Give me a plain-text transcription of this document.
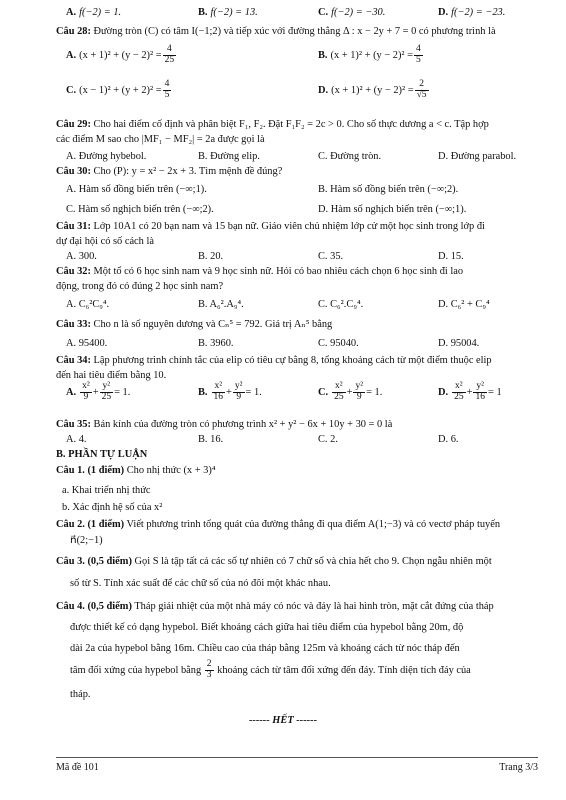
A. f(−2) = 1.	B. f(−2) = 13.	C. f(−2) = −30.	D. f(−2) = −23.
Câu 28: Đường tròn (C) có tâm I(−1;2) và tiếp xúc với đường thẳng Δ : x − 2y + 7 = 0 có phương trình là
A. $(x + 1)^2 + (y - 2)^2 = \frac{4}{25}$	B. $(x + 1)^2 + (y - 2)^2 = \frac{4}{5}$
C. $(x - 1)^2 + (y + 2)^2 = \frac{4}{5}$	D. $(x + 1)^2 + (y - 2)^2 = \frac{2}{√5}$
Câu 29: Cho hai điểm cố định và phân biệt F₁, F₂. Đặt F₁F₂ = 2c > 0. Cho số thực dương a < c. Tập hợp
các điểm M sao cho |MF₁ − MF₂| = 2a được gọi là
A. Đường hybebol.	B. Đường elip.	C. Đường tròn.	D. Đường parabol.
Câu 30: Cho (P): y = x² − 2x + 3. Tìm mệnh đề đúng?
A. Hàm số đồng biến trên (−∞;1).	B. Hàm số đồng biến trên (−∞;2).
C. Hàm số nghịch biến trên (−∞;2).	D. Hàm số nghịch biến trên (−∞;1).
Câu 31: Lớp 10A1 có 20 bạn nam và 15 bạn nữ. Giáo viên chủ nhiệm lớp cử một học sinh trong lớp đi
dự đại hội có số cách là
A. 300.	B. 20.	C. 35.	D. 15.
Câu 32: Một tổ có 6 học sinh nam và 9 học sinh nữ. Hỏi có bao nhiêu cách chọn 6 học sinh đi lao
động, trong đó có đúng 2 học sinh nam?
A. C₆²C₉⁴.	B. A₆².A₉⁴.	C. C₆².C₉⁴.	D. C₆² + C₉⁴
Câu 33: Cho n là số nguyên dương và Cₙ⁵ = 792. Giá trị Aₙ⁵ bằng
A. 95400.	B. 3960.	C. 95040.	D. 95004.
Câu 34: Lập phương trình chính tắc của elip có tiêu cự bằng 8, tổng khoảng cách từ một điểm thuộc elip
đến hai tiêu điểm bằng 10.
A. $\frac{\text{x²}}{9} + \frac{\text{y²}}{25} = 1$.	B. $\frac{\text{x²}}{16} + \frac{\text{y²}}{9} = 1$.	C. $\frac{\text{x²}}{25} + \frac{\text{y²}}{9} = 1$.	D. $\frac{\text{x²}}{25} + \frac{\text{y²}}{16} = 1$
Câu 35: Bán kính của đường tròn có phương trình x² + y² − 6x + 10y + 30 = 0 là
A. 4.	B. 16.	C. 2.	D. 6.
B. PHẦN TỰ LUẬN
Câu 1. (1 điểm) Cho nhị thức (x + 3)⁴
a. Khai triển nhị thức
b. Xác định hệ số của x²
Câu 2. (1 điểm) Viết phương trình tổng quát của đường thẳng đi qua điểm A(1;−3) và có vectơ pháp tuyến
n⃗(2;−1)
Câu 3. (0,5 điểm) Gọi S là tập tất cả các số tự nhiên có 7 chữ số và chia hết cho 9. Chọn ngẫu nhiên một
số từ S. Tính xác suất để các chữ số của nó đôi một khác nhau.
Câu 4. (0,5 điểm) Tháp giải nhiệt của một nhà máy có nóc và đáy là hai hình tròn, mặt cắt đứng của tháp
được thiết kế có dạng hypebol. Biết khoảng cách giữa hai tiêu điểm của hypebol bằng 20m, độ
dài 2a của hypebol bằng 16m. Chiều cao của tháp bằng 125m và khoảng cách từ nóc tháp đến
tâm đối xứng của hypebol bằng $\frac{2}{3}$ khoảng cách từ tâm đối xứng đến đáy. Tính diện tích đáy của
tháp.
------ HẾT ------
Mã đề 101	Trang 3/3
